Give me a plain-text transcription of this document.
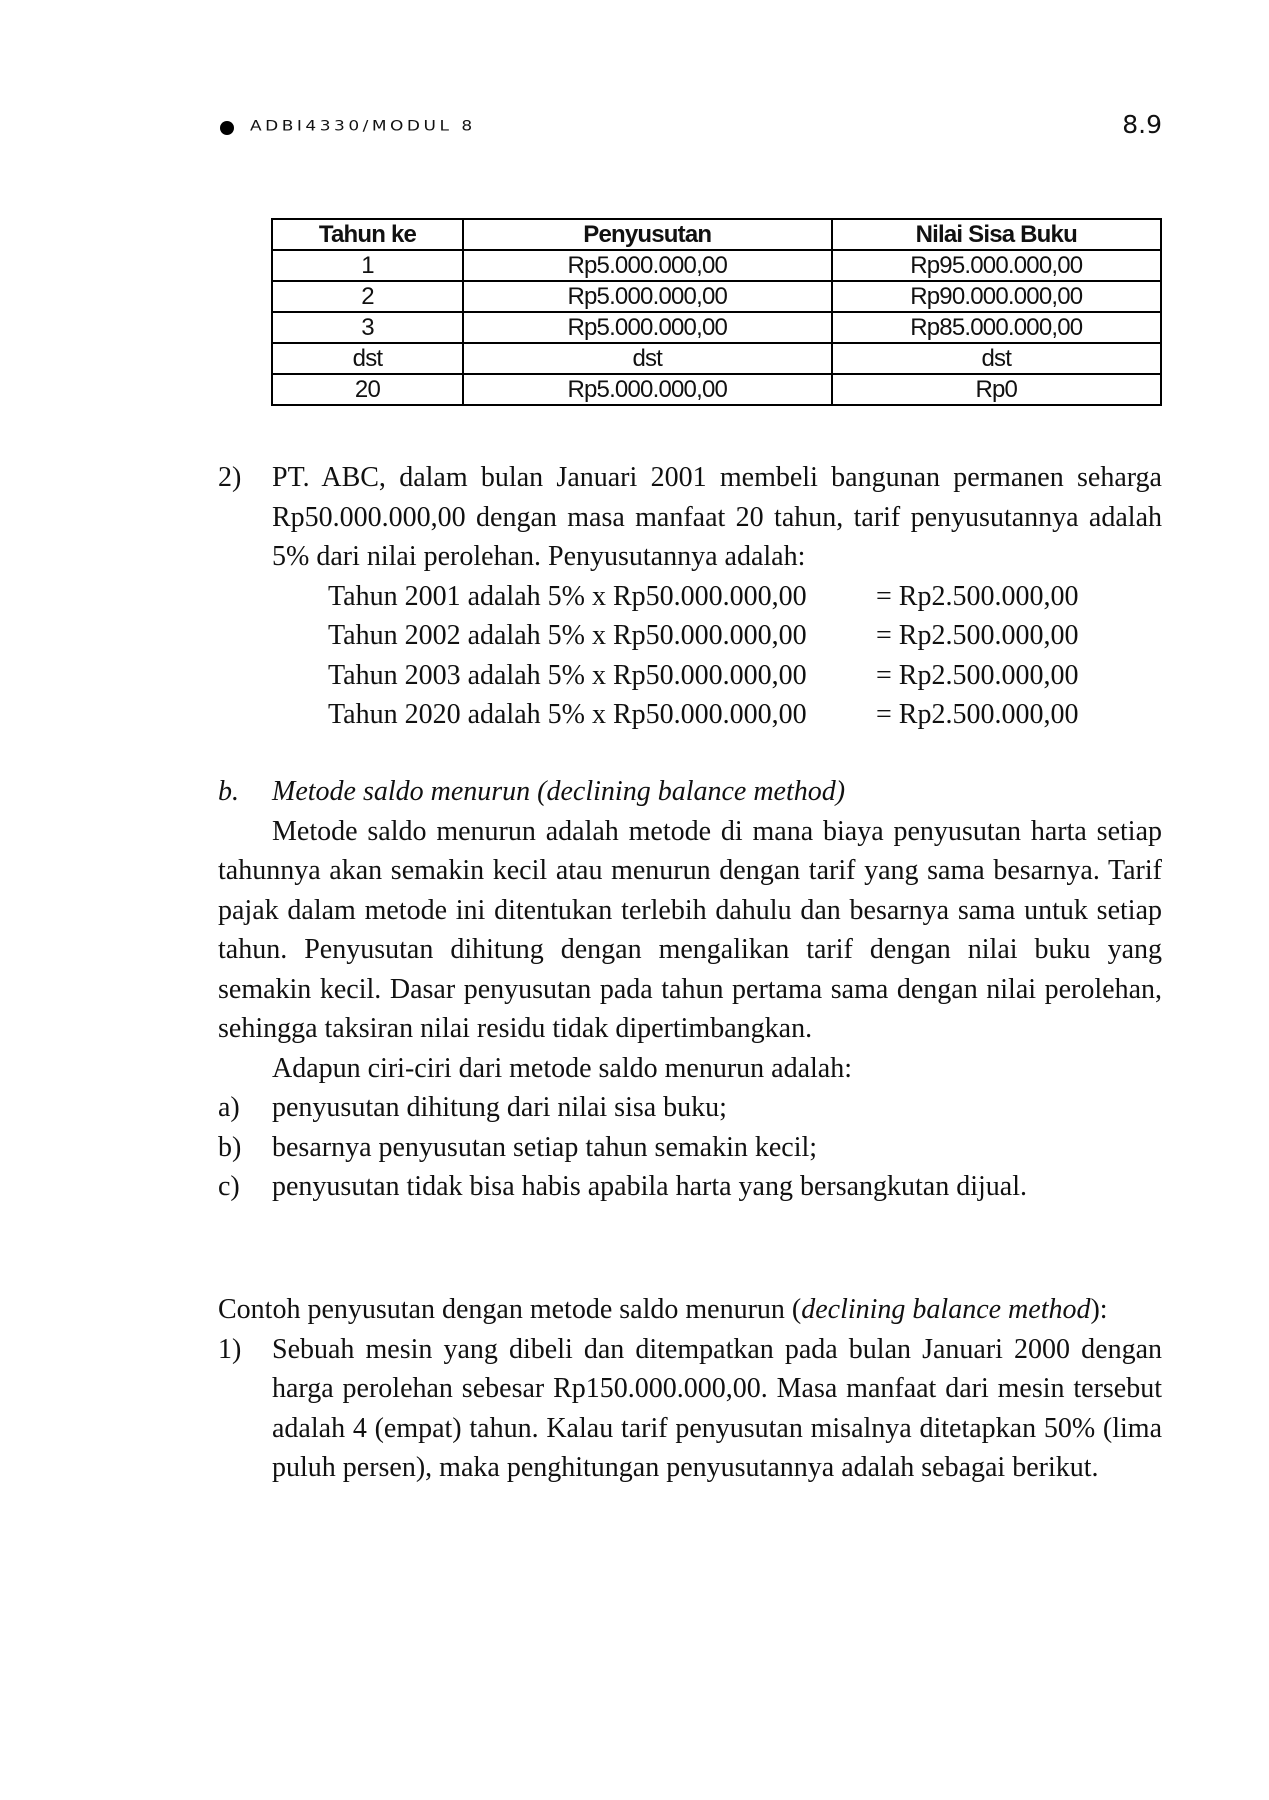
ADBI4330/MODUL 8	8.9
Tahun ke	Penyusutan	Nilai Sisa Buku
1	Rp5.000.000,00	Rp95.000.000,00
2	Rp5.000.000,00	Rp90.000.000,00
3	Rp5.000.000,00	Rp85.000.000,00
dst	dst	dst
20	Rp5.000.000,00	Rp0

2) PT. ABC, dalam bulan Januari 2001 membeli bangunan permanen seharga Rp50.000.000,00 dengan masa manfaat 20 tahun, tarif penyusutannya adalah 5% dari nilai perolehan. Penyusutannya adalah:

Tahun 2001 adalah 5% x Rp50.000.000,00 = Rp2.500.000,00

Tahun 2002 adalah 5% x Rp50.000.000,00 = Rp2.500.000,00

Tahun 2003 adalah 5% x Rp50.000.000,00 = Rp2.500.000,00

Tahun 2020 adalah 5% x Rp50.000.000,00 = Rp2.500.000,00

b. Metode saldo menurun (declining balance method)

Metode saldo menurun adalah metode di mana biaya penyusutan harta setiap tahunnya akan semakin kecil atau menurun dengan tarif yang sama besarnya. Tarif pajak dalam metode ini ditentukan terlebih dahulu dan besarnya sama untuk setiap tahun. Penyusutan dihitung dengan mengalikan tarif dengan nilai buku yang semakin kecil. Dasar penyusutan pada tahun pertama sama dengan nilai perolehan, sehingga taksiran nilai residu tidak dipertimbangkan.

Adapun ciri-ciri dari metode saldo menurun adalah:

a) penyusutan dihitung dari nilai sisa buku;

b) besarnya penyusutan setiap tahun semakin kecil;

c) penyusutan tidak bisa habis apabila harta yang bersangkutan dijual.

Contoh penyusutan dengan metode saldo menurun (declining balance method):

1) Sebuah mesin yang dibeli dan ditempatkan pada bulan Januari 2000 dengan harga perolehan sebesar Rp150.000.000,00. Masa manfaat dari mesin tersebut adalah 4 (empat) tahun. Kalau tarif penyusutan misalnya ditetapkan 50% (lima puluh persen), maka penghitungan penyusutannya adalah sebagai berikut.
